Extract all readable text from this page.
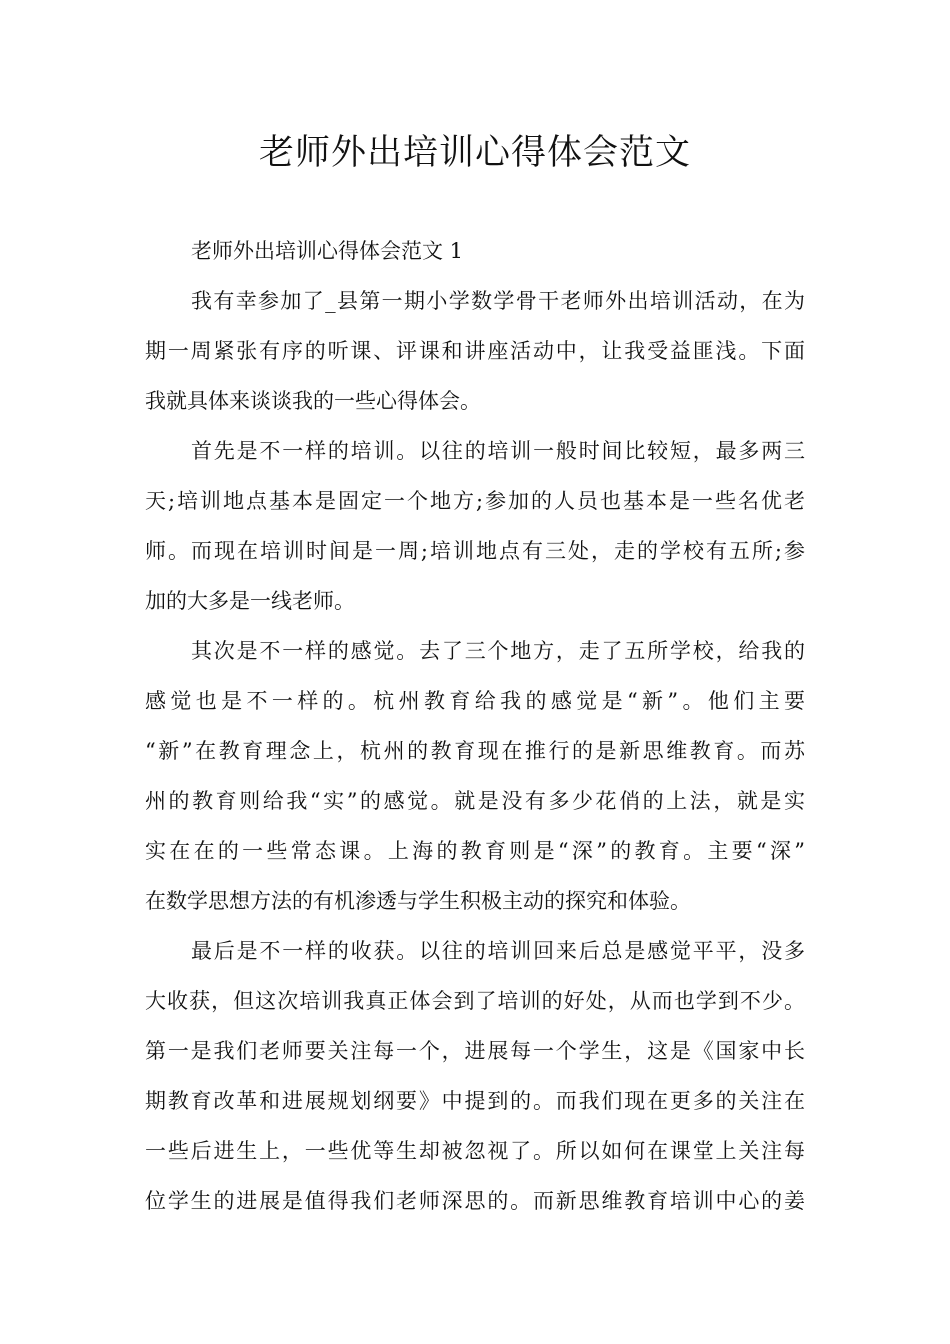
老师外出培训心得体会范文
老师外出培训心得体会范文 1
我有幸参加了_县第一期小学数学骨干老师外出培训活动，在为
期一周紧张有序的听课、评课和讲座活动中，让我受益匪浅。下面
我就具体来谈谈我的一些心得体会。
首先是不一样的培训。以往的培训一般时间比较短，最多两三
天;培训地点基本是固定一个地方;参加的人员也基本是一些名优老
师。而现在培训时间是一周;培训地点有三处，走的学校有五所;参
加的大多是一线老师。
其次是不一样的感觉。去了三个地方，走了五所学校，给我的
感觉也是不一样的。杭州教育给我的感觉是“新”。他们主要
“新”在教育理念上，杭州的教育现在推行的是新思维教育。而苏
州的教育则给我“实”的感觉。就是没有多少花俏的上法，就是实
实在在的一些常态课。上海的教育则是“深”的教育。主要“深”
在数学思想方法的有机渗透与学生积极主动的探究和体验。
最后是不一样的收获。以往的培训回来后总是感觉平平，没多
大收获，但这次培训我真正体会到了培训的好处，从而也学到不少。
第一是我们老师要关注每一个，进展每一个学生，这是《国家中长
期教育改革和进展规划纲要》中提到的。而我们现在更多的关注在
一些后进生上，一些优等生却被忽视了。所以如何在课堂上关注每
位学生的进展是值得我们老师深思的。而新思维教育培训中心的姜
